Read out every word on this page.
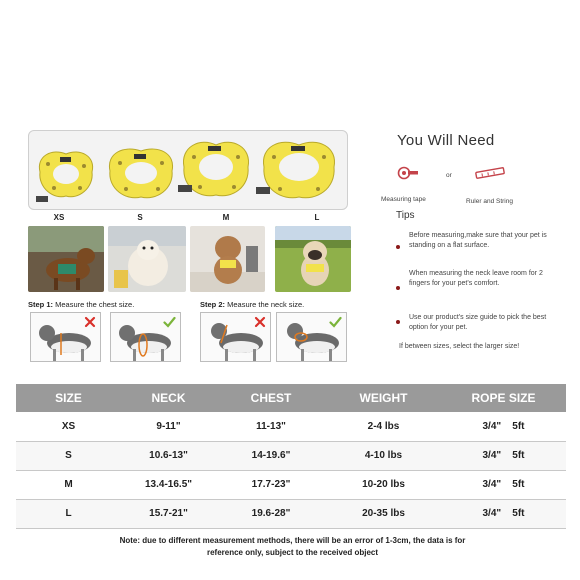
XS	S	M	L
Step 1: Measure the chest size.	Step 2: Measure the neck size.
You Will Need
Measuring tape
or
Ruler and String
Tips
Before measuring,make sure that your pet is standing on a flat surface.
When measuring the neck leave room for 2 fingers for your pet's comfort.
Use our product's size guide to pick the best option for your pet.
If between sizes, select the larger size!
SIZE	NECK	CHEST	WEIGHT	ROPE SIZE
XS	9-11"	11-13"	2-4 lbs	3/4" 5ft
S	10.6-13"	14-19.6"	4-10 lbs	3/4" 5ft
M	13.4-16.5"	17.7-23"	10-20 lbs	3/4" 5ft
L	15.7-21"	19.6-28"	20-35 lbs	3/4" 5ft
Note: due to different measurement methods, there will be an error of 1-3cm, the data is for
reference only, subject to the received object
